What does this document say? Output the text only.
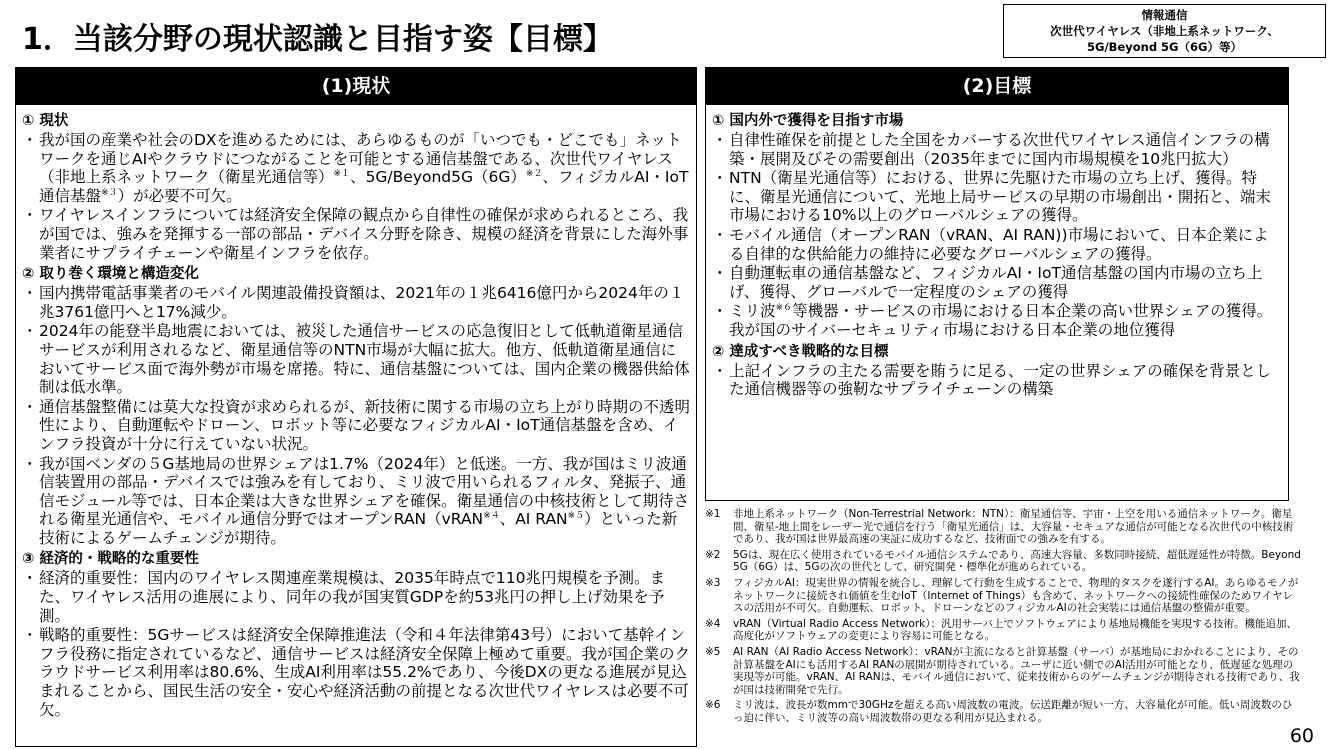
1．当該分野の現状認識と目指す姿【目標】
情報通信
次世代ワイヤレス（非地上系ネットワーク、
5G/Beyond 5G（6G）等）
(1)現状
① 現状
・ 我が国の産業や社会のDXを進めるためには、あらゆるものが「いつでも・どこでも」ネットワークを通じAIやクラウドにつながることを可能とする通信基盤である、次世代ワイヤレス（非地上系ネットワーク（衛星光通信等）$^{※1}$、$5G/Beyond5G(6G)^{※2}$、フィジカルAI・IoT通信基盤$^{※3}$）が必要不可欠。
・ ワイヤレスインフラについては経済安全保障の観点から自律性の確保が求められるところ、我が国では、強みを発揮する一部の部品・デバイス分野を除き、規模の経済を背景にした海外事業者にサプライチェーンや衛星インフラを依存。
② 取り巻く環境と構造変化
・ 国内携帯電話事業者のモバイル関連設備投資額は、2021年の１兆6416億円から2024年の１兆3761億円へと17%減少。
・ 2024年の能登半島地震においては、被災した通信サービスの応急復旧として低軌道衛星通信サービスが利用されるなど、衛星通信等のNTN市場が大幅に拡大。他方、低軌道衛星通信においてサービス面で海外勢が市場を席捲。特に、通信基盤については、国内企業の機器供給体制は低水準。
・ 通信基盤整備には莫大な投資が求められるが、新技術に関する市場の立ち上がり時期の不透明性により、自動運転やドローン、ロボット等に必要なフィジカルAI・IoT通信基盤を含め、インフラ投資が十分に行えていない状況。
・ 我が国ベンダの５G基地局の世界シェアは1.7%（2024年）と低迷。一方、我が国はミリ波通信装置用の部品・デバイスでは強みを有しており、ミリ波で用いられるフィルタ、発振子、通信モジュール等では、日本企業は大きな世界シェアを確保。衛星通信の中核技術として期待される衛星光通信や、モバイル通信分野ではオープンRAN（vRAN$^{※4}$、AI RAN$^{※5}$）といった新技術によるゲームチェンジが期待。
③ 経済的・戦略的な重要性
・ 経済的重要性：国内のワイヤレス関連産業規模は、2035年時点で110兆円規模を予測。また、ワイヤレス活用の進展により、同年の我が国実質GDPを約53兆円の押し上げ効果を予測。
・ 戦略的重要性：5Gサービスは経済安全保障推進法（令和４年法律第43号）において基幹インフラ役務に指定されているなど、通信サービスは経済安全保障上極めて重要。我が国企業のクラウドサービス利用率は80.6%、生成AI利用率は55.2%であり、今後DXの更なる進展が見込まれることから、国民生活の安全・安心や経済活動の前提となる次世代ワイヤレスは必要不可欠。
(2)目標
① 国内外で獲得を目指す市場
・ 自律性確保を前提とした全国をカバーする次世代ワイヤレス通信インフラの構築・展開及びその需要創出（2035年までに国内市場規模を10兆円拡大）
・ NTN（衛星光通信等）における、世界に先駆けた市場の立ち上げ、獲得。特に、衛星光通信について、光地上局サービスの早期の市場創出・開拓と、端末市場における10%以上のグローバルシェアの獲得。
・ モバイル通信（オープンRAN（vRAN、AI RAN))市場において、日本企業による自律的な供給能力の維持に必要なグローバルシェアの獲得。
・ 自動運転車の通信基盤など、フィジカルAI・IoT通信基盤の国内市場の立ち上げ、獲得、グローバルで一定程度のシェアの獲得
・ ミリ波$^{※6}$等機器・サービスの市場における日本企業の高い世界シェアの獲得。我が国のサイバーセキュリティ市場における日本企業の地位獲得
② 達成すべき戦略的な目標
・ 上記インフラの主たる需要を賄うに足る、一定の世界シェアの確保を背景とした通信機器等の強靭なサプライチェーンの構築
※1	非地上系ネットワーク（Non-Terrestrial Network：NTN）：衛星通信等、宇宙・上空を用いる通信ネットワーク。衛星間、衛星-地上間をレーザー光で通信を行う「衛星光通信」は、大容量・セキュアな通信が可能となる次世代の中核技術であり、我が国は世界最高速の実証に成功するなど、技術面での強みを有する。
※2	5Gは、現在広く使用されているモバイル通信システムであり、高速大容量、多数同時接続、超低遅延性が特徴。Beyond 5G（6G）は、5Gの次の世代として、研究開発・標準化が進められている。
※3	フィジカルAI：現実世界の情報を統合し、理解して行動を生成することで、物理的タスクを遂行するAI。あらゆるモノがネットワークに接続され価値を生むIoT（Internet of Things）も含めて、ネットワークへの接続性確保のためワイヤレスの活用が不可欠。自動運転、ロボット、ドローンなどのフィジカルAIの社会実装には通信基盤の整備が重要。
※4	vRAN（Virtual Radio Access Network）：汎用サーバ上でソフトウェアにより基地局機能を実現する技術。機能追加、高度化がソフトウェアの変更により容易に可能となる。
※5	AI RAN（AI Radio Access Network）：vRANが主流になると計算基盤（サーバ）が基地局におかれることにより、その計算基盤をAIにも活用するAI RANの展開が期待されている。ユーザに近い側でのAI活用が可能となり、低遅延な処理の実現等が可能。vRAN、AI RANは、モバイル通信において、従来技術からのゲームチェンジが期待される技術であり、我が国は技術開発で先行。
※6	ミリ波は、波長が数mmで30GHzを超える高い周波数の電波。伝送距離が短い一方、大容量化が可能。低い周波数のひっ迫に伴い、ミリ波等の高い周波数帯の更なる利用が見込まれる。
60
